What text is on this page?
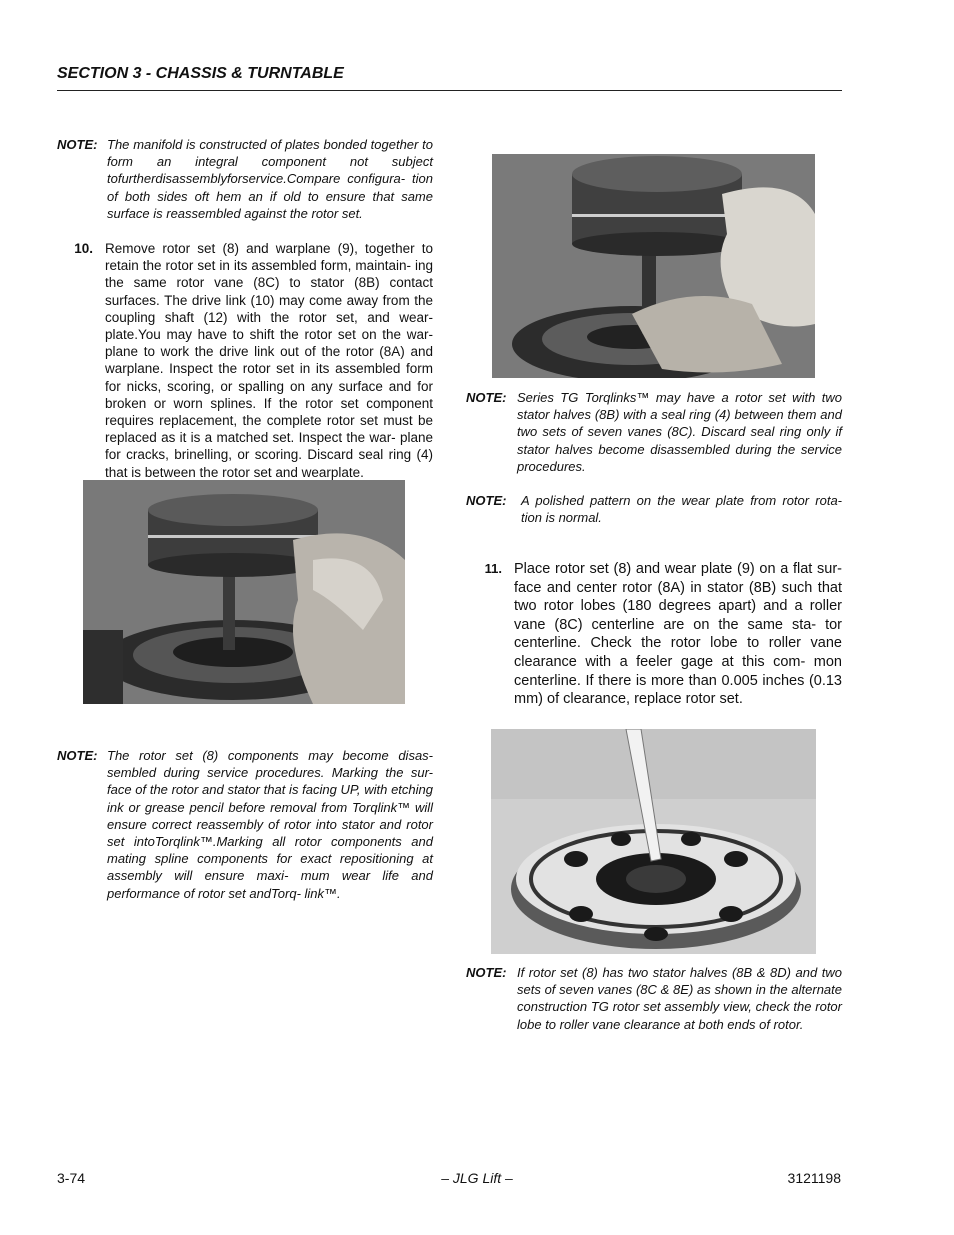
SECTION 3 - CHASSIS & TURNTABLE
NOTE: The manifold is constructed of plates bonded together to form an integral component not subject tofurtherdisassemblyforservice.Compare configura- tion of both sides oft hem an if old to ensure that same surface is reassembled against the rotor set.
10. Remove rotor set (8) and warplane (9), together to retain the rotor set in its assembled form, maintain- ing the same rotor vane (8C) to stator (8B) contact surfaces. The drive link (10) may come away from the coupling shaft (12) with the rotor set, and wear- plate.You may have to shift the rotor set on the war- plane to work the drive link out of the rotor (8A) and warplane. Inspect the rotor set in its assembled form for nicks, scoring, or spalling on any surface and for broken or worn splines. If the rotor set component requires replacement, the complete rotor set must be replaced as it is a matched set. Inspect the war- plane for cracks, brinelling, or scoring. Discard seal ring (4) that is between the rotor set and wearplate.
NOTE: The rotor set (8) components may become disas- sembled during service procedures. Marking the sur- face of the rotor and stator that is facing UP, with etching ink or grease pencil before removal from Torqlink™ will ensure correct reassembly of rotor into stator and rotor set intoTorqlink™.Marking all rotor components and mating spline components for exact repositioning at assembly will ensure maxi- mum wear life and performance of rotor set andTorq- link™.
NOTE: Series TG Torqlinks™ may have a rotor set with two stator halves (8B) with a seal ring (4) between them and two sets of seven vanes (8C). Discard seal ring only if stator halves become disassembled during the service procedures.
NOTE:	A polished pattern on the wear plate from rotor rota- tion is normal.
11. Place rotor set (8) and wear plate (9) on a flat sur- face and center rotor (8A) in stator (8B) such that two rotor lobes (180 degrees apart) and a roller vane (8C) centerline are on the same sta- tor centerline. Check the rotor lobe to roller vane clearance with a feeler gage at this com- mon centerline. If there is more than 0.005 inches (0.13 mm) of clearance, replace rotor set.
NOTE: If rotor set (8) has two stator halves (8B & 8D) and two sets of seven vanes (8C & 8E) as shown in the alternate construction TG rotor set assembly view, check the rotor lobe to roller vane clearance at both ends of rotor.
3-74	– JLG Lift –	3121198
